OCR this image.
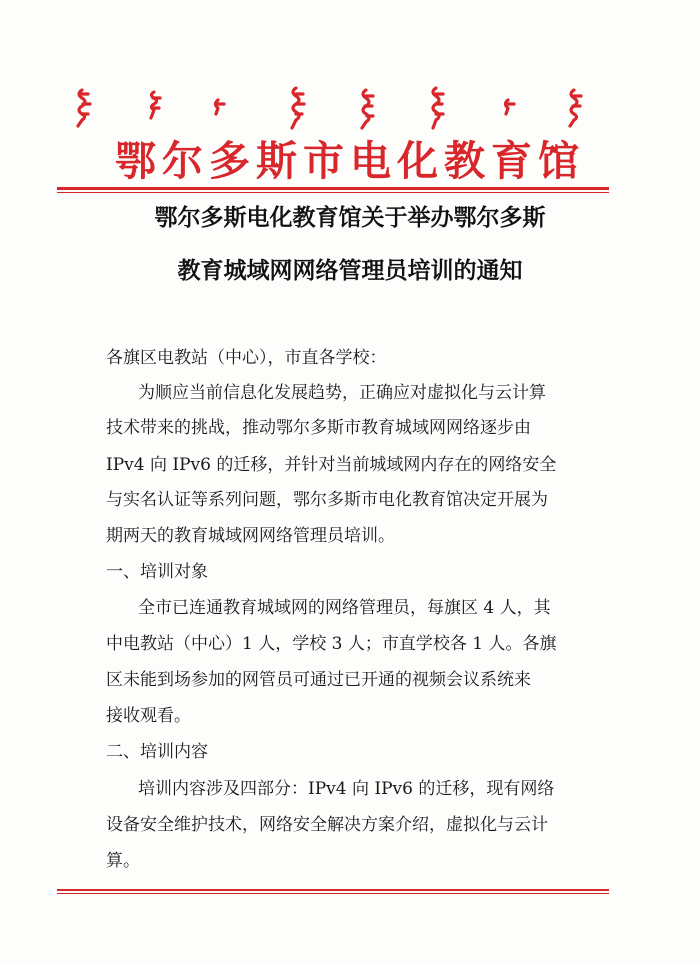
鄂尔多斯市电化教育馆
鄂尔多斯电化教育馆关于举办鄂尔多斯
教育城域网网络管理员培训的通知
各旗区电教站（中心），市直各学校：
为顺应当前信息化发展趋势，正确应对虚拟化与云计算
技术带来的挑战，推动鄂尔多斯市教育城域网网络逐步由
IPv4 向 IPv6 的迁移，并针对当前城域网内存在的网络安全
与实名认证等系列问题，鄂尔多斯市电化教育馆决定开展为
期两天的教育城域网网络管理员培训。
一、培训对象
全市已连通教育城域网的网络管理员，每旗区 4 人，其
中电教站（中心）1 人，学校 3 人；市直学校各 1 人。各旗
区未能到场参加的网管员可通过已开通的视频会议系统来
接收观看。
二、培训内容
培训内容涉及四部分：IPv4 向 IPv6 的迁移，现有网络
设备安全维护技术，网络安全解决方案介绍，虚拟化与云计
算。
